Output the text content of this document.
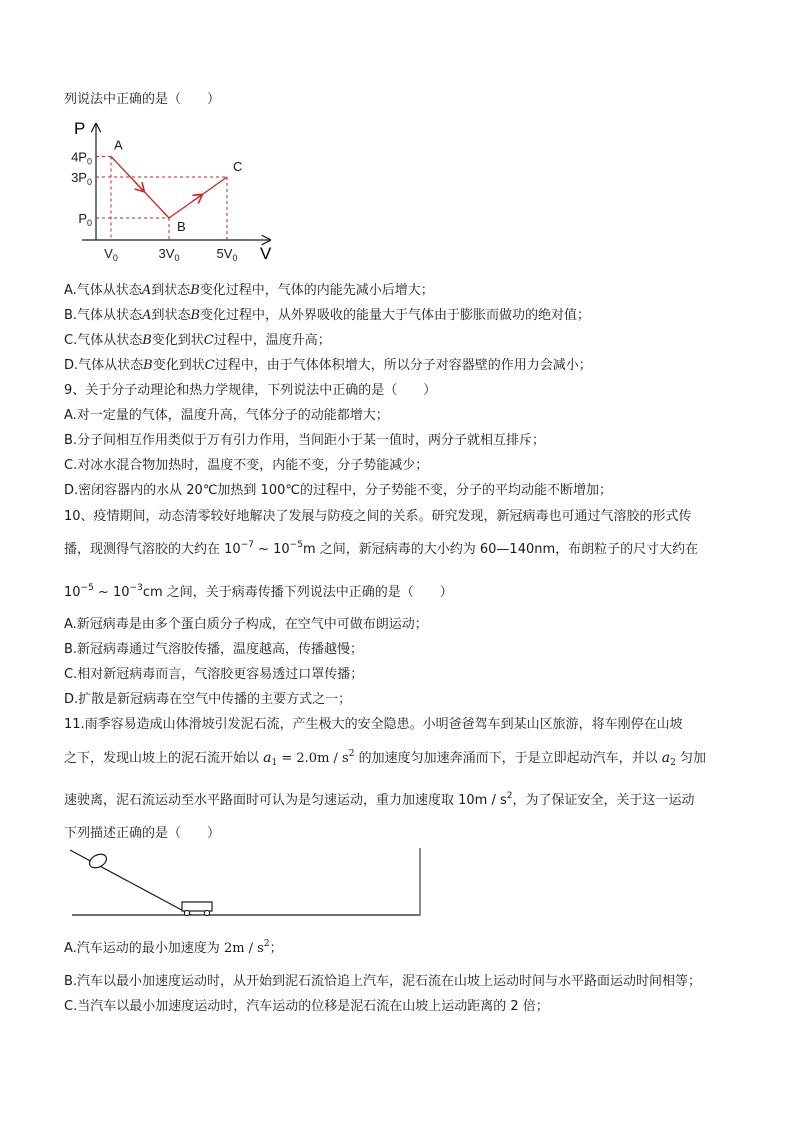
列说法中正确的是（　　）
P
V
A
B
C
$4P_0$
$3P_0$
$P_0$
$V_0$	$3V_0$	$5V_0$
A.气体从状态A到状态B变化过程中，气体的内能先减小后增大；
B.气体从状态A到状态B变化过程中，从外界吸收的能量大于气体由于膨胀而做功的绝对值；
C.气体从状态B变化到状C过程中，温度升高；
D.气体从状态B变化到状C过程中，由于气体体积增大，所以分子对容器壁的作用力会减小；
9、关于分子动理论和热力学规律，下列说法中正确的是（　　）
A.对一定量的气体，温度升高，气体分子的动能都增大；
B.分子间相互作用类似于万有引力作用，当间距小于某一值时，两分子就相互排斥；
C.对冰水混合物加热时，温度不变，内能不变，分子势能减少；
D.密闭容器内的水从 20℃加热到 100℃的过程中，分子势能不变，分子的平均动能不断增加；
10、疫情期间，动态清零较好地解决了发展与防疫之间的关系。研究发现，新冠病毒也可通过气溶胶的形式传
播，现测得气溶胶的大约在 $10^{-7}$ ~ $10^{-5}m$ 之间，新冠病毒的大小约为 60—140nm，布朗粒子的尺寸大约在
$10^{-5}$ ~ $10^{-3}cm$ 之间，关于病毒传播下列说法中正确的是（　　）
A.新冠病毒是由多个蛋白质分子构成，在空气中可做布朗运动；
B.新冠病毒通过气溶胶传播，温度越高，传播越慢；
C.相对新冠病毒而言，气溶胶更容易透过口罩传播；
D.扩散是新冠病毒在空气中传播的主要方式之一；
11.雨季容易造成山体滑坡引发泥石流，产生极大的安全隐患。小明爸爸驾车到某山区旅游，将车刚停在山坡
之下，发现山坡上的泥石流开始以 $a_1 = 2.0m / s^2$ 的加速度匀加速奔涌而下，于是立即起动汽车，并以 $a_2$ 匀加
速驶离，泥石流运动至水平路面时可认为是匀速运动，重力加速度取 $10m / s^2$，为了保证安全，关于这一运动
下列描述正确的是（　　）
A.汽车运动的最小加速度为 $2m / s^2$；
B.汽车以最小加速度运动时，从开始到泥石流恰追上汽车，泥石流在山坡上运动时间与水平路面运动时间相等；
C.当汽车以最小加速度运动时，汽车运动的位移是泥石流在山坡上运动距离的 2 倍；
